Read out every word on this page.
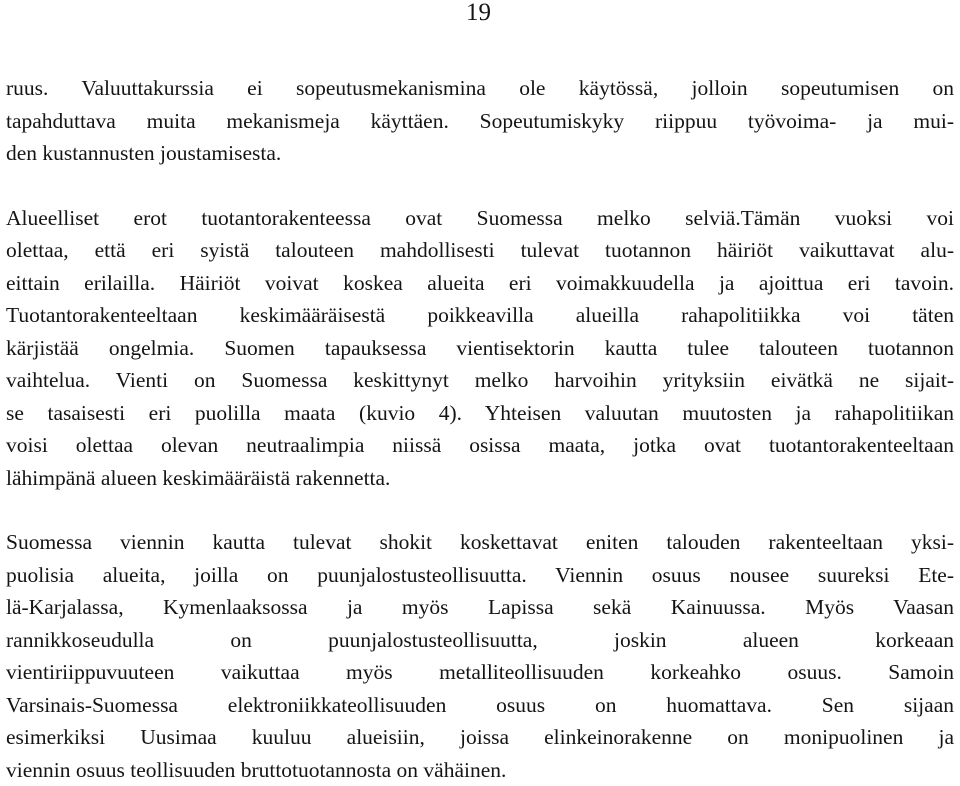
19
ruus. Valuuttakurssia ei sopeutusmekanismina ole käytössä, jolloin sopeutumisen on
tapahduttava muita mekanismeja käyttäen. Sopeutumiskyky riippuu työvoima- ja mui-
den kustannusten joustamisesta.
Alueelliset erot tuotantorakenteessa ovat Suomessa melko selviä.Tämän vuoksi voi
olettaa, että eri syistä talouteen mahdollisesti tulevat tuotannon häiriöt vaikuttavat alu-
eittain erilailla. Häiriöt voivat koskea alueita eri voimakkuudella ja ajoittua eri tavoin.
Tuotantorakenteeltaan keskimääräisestä poikkeavilla alueilla rahapolitiikka voi täten
kärjistää ongelmia. Suomen tapauksessa vientisektorin kautta tulee talouteen tuotannon
vaihtelua. Vienti on Suomessa keskittynyt melko harvoihin yrityksiin eivätkä ne sijait-
se tasaisesti eri puolilla maata (kuvio 4). Yhteisen valuutan muutosten ja rahapolitiikan
voisi olettaa olevan neutraalimpia niissä osissa maata, jotka ovat tuotantorakenteeltaan
lähimpänä alueen keskimääräistä rakennetta.
Suomessa viennin kautta tulevat shokit koskettavat eniten talouden rakenteeltaan yksi-
puolisia alueita, joilla on puunjalostusteollisuutta. Viennin osuus nousee suureksi Ete-
lä-Karjalassa, Kymenlaaksossa ja myös Lapissa sekä Kainuussa. Myös Vaasan
rannikkoseudulla on puunjalostusteollisuutta, joskin alueen korkeaan
vientiriippuvuuteen vaikuttaa myös metalliteollisuuden korkeahko osuus. Samoin
Varsinais-Suomessa elektroniikkateollisuuden osuus on huomattava. Sen sijaan
esimerkiksi Uusimaa kuuluu alueisiin, joissa elinkeinorakenne on monipuolinen ja
viennin osuus teollisuuden bruttotuotannosta on vähäinen.
